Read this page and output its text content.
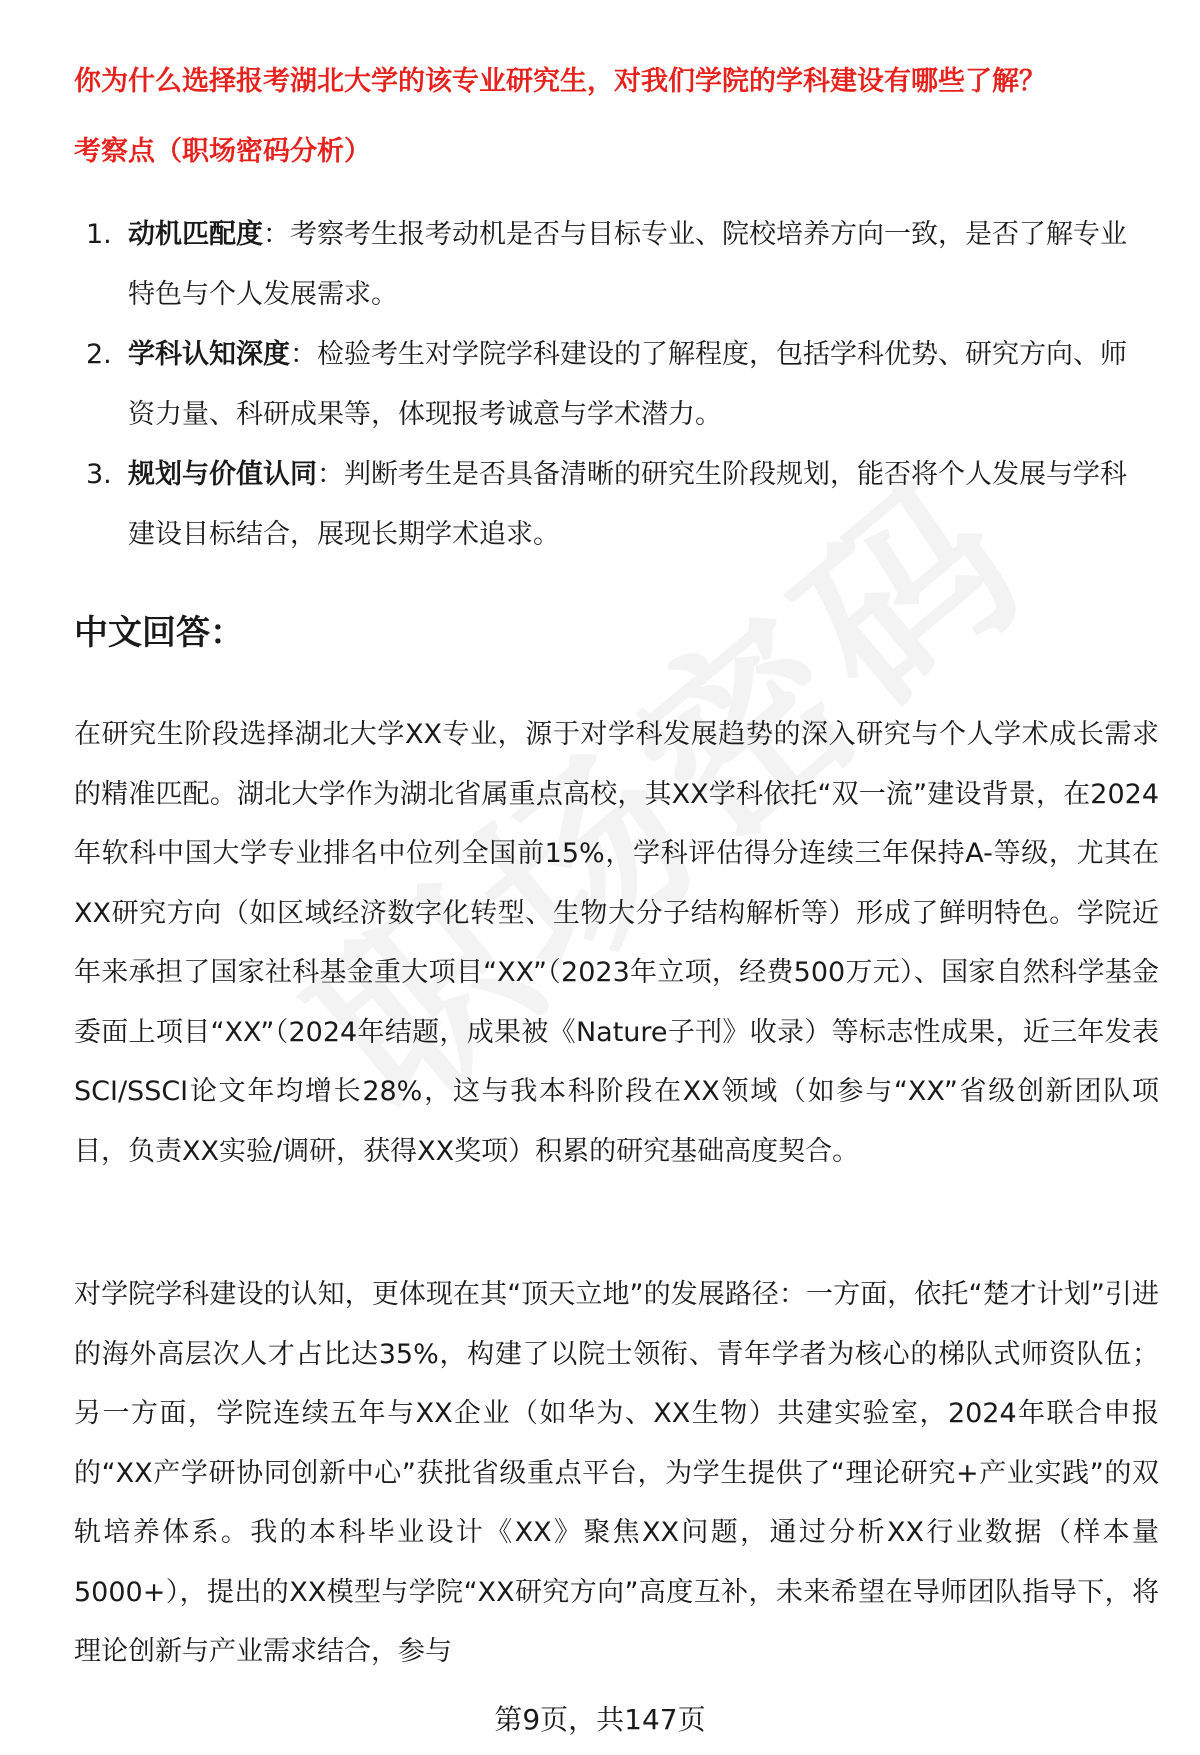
你为什么选择报考湖北大学的该专业研究生，对我们学院的学科建设有哪些了解？
考察点（职场密码分析）
1. 动机匹配度：考察考生报考动机是否与目标专业、院校培养方向一致，是否了解专业特色与个人发展需求。
2. 学科认知深度：检验考生对学院学科建设的了解程度，包括学科优势、研究方向、师资力量、科研成果等，体现报考诚意与学术潜力。
3. 规划与价值认同：判断考生是否具备清晰的研究生阶段规划，能否将个人发展与学科建设目标结合，展现长期学术追求。
中文回答：

在研究生阶段选择湖北大学XX专业，源于对学科发展趋势的深入研究与个人学术成长需求的精准匹配。湖北大学作为湖北省属重点高校，其XX学科依托“双一流”建设背景，在2024年软科中国大学专业排名中位列全国前15%，学科评估得分连续三年保持A-等级，尤其在XX研究方向（如区域经济数字化转型、生物大分子结构解析等）形成了鲜明特色。学院近年来承担了国家社科基金重大项目“XX”（2023年立项，经费500万元）、国家自然科学基金委面上项目“XX”（2024年结题，成果被《Nature子刊》收录）等标志性成果，近三年发表SCI/SSCI论文年均增长28%，这与我本科阶段在XX领域（如参与“XX”省级创新团队项目，负责XX实验/调研，获得XX奖项）积累的研究基础高度契合。

对学院学科建设的认知，更体现在其“顶天立地”的发展路径：一方面，依托“楚才计划”引进的海外高层次人才占比达35%，构建了以院士领衔、青年学者为核心的梯队式师资队伍；另一方面，学院连续五年与XX企业（如华为、XX生物）共建实验室，2024年联合申报的“XX产学研协同创新中心”获批省级重点平台，为学生提供了“理论研究+产业实践”的双轨培养体系。我的本科毕业设计《XX》聚焦XX问题，通过分析XX行业数据（样本量5000+），提出的XX模型与学院“XX研究方向”高度互补，未来希望在导师团队指导下，将理论创新与产业需求结合，参与

第9页，共147页
